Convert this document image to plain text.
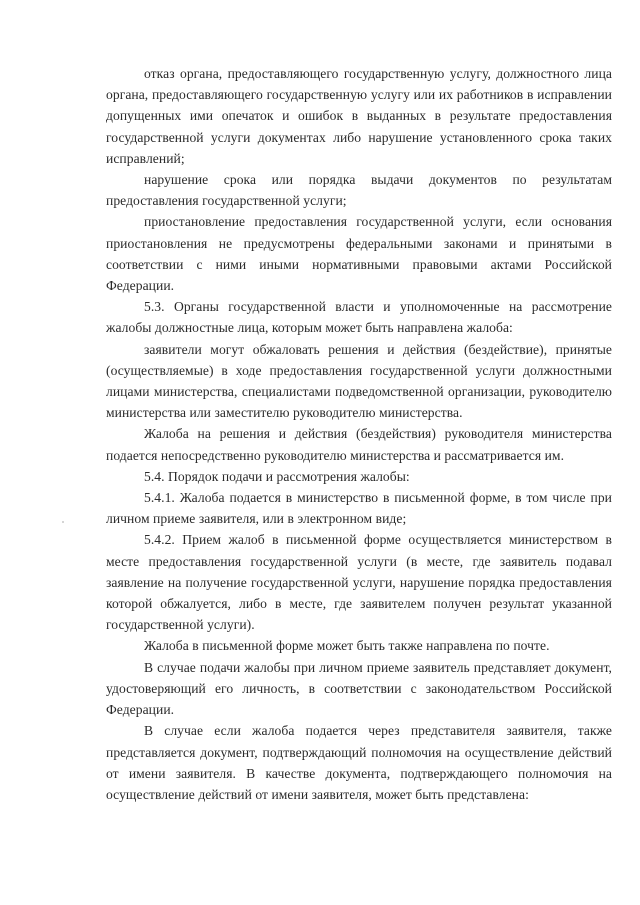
отказ органа, предоставляющего государственную услугу, должностного лица органа, предоставляющего государственную услугу или их работников в исправлении допущенных ими опечаток и ошибок в выданных в результате предоставления государственной услуги документах либо нарушение установленного срока таких исправлений;

нарушение срока или порядка выдачи документов по результатам предоставления государственной услуги;

приостановление предоставления государственной услуги, если основания приостановления не предусмотрены федеральными законами и принятыми в соответствии с ними иными нормативными правовыми актами Российской Федерации.

5.3. Органы государственной власти и уполномоченные на рассмотрение жалобы должностные лица, которым может быть направлена жалоба:

заявители могут обжаловать решения и действия (бездействие), принятые (осуществляемые) в ходе предоставления государственной услуги должностными лицами министерства, специалистами подведомственной организации, руководителю министерства или заместителю руководителю министерства.

Жалоба на решения и действия (бездействия) руководителя министерства подается непосредственно руководителю министерства и рассматривается им.

5.4. Порядок подачи и рассмотрения жалобы:

5.4.1. Жалоба подается в министерство в письменной форме, в том числе при личном приеме заявителя, или в электронном виде;

5.4.2. Прием жалоб в письменной форме осуществляется министерством в месте предоставления государственной услуги (в месте, где заявитель подавал заявление на получение государственной услуги, нарушение порядка предоставления которой обжалуется, либо в месте, где заявителем получен результат указанной государственной услуги).

Жалоба в письменной форме может быть также направлена по почте.

В случае подачи жалобы при личном приеме заявитель представляет документ, удостоверяющий его личность, в соответствии с законодательством Российской Федерации.

В случае если жалоба подается через представителя заявителя, также представляется документ, подтверждающий полномочия на осуществление действий от имени заявителя. В качестве документа, подтверждающего полномочия на осуществление действий от имени заявителя, может быть представлена:
